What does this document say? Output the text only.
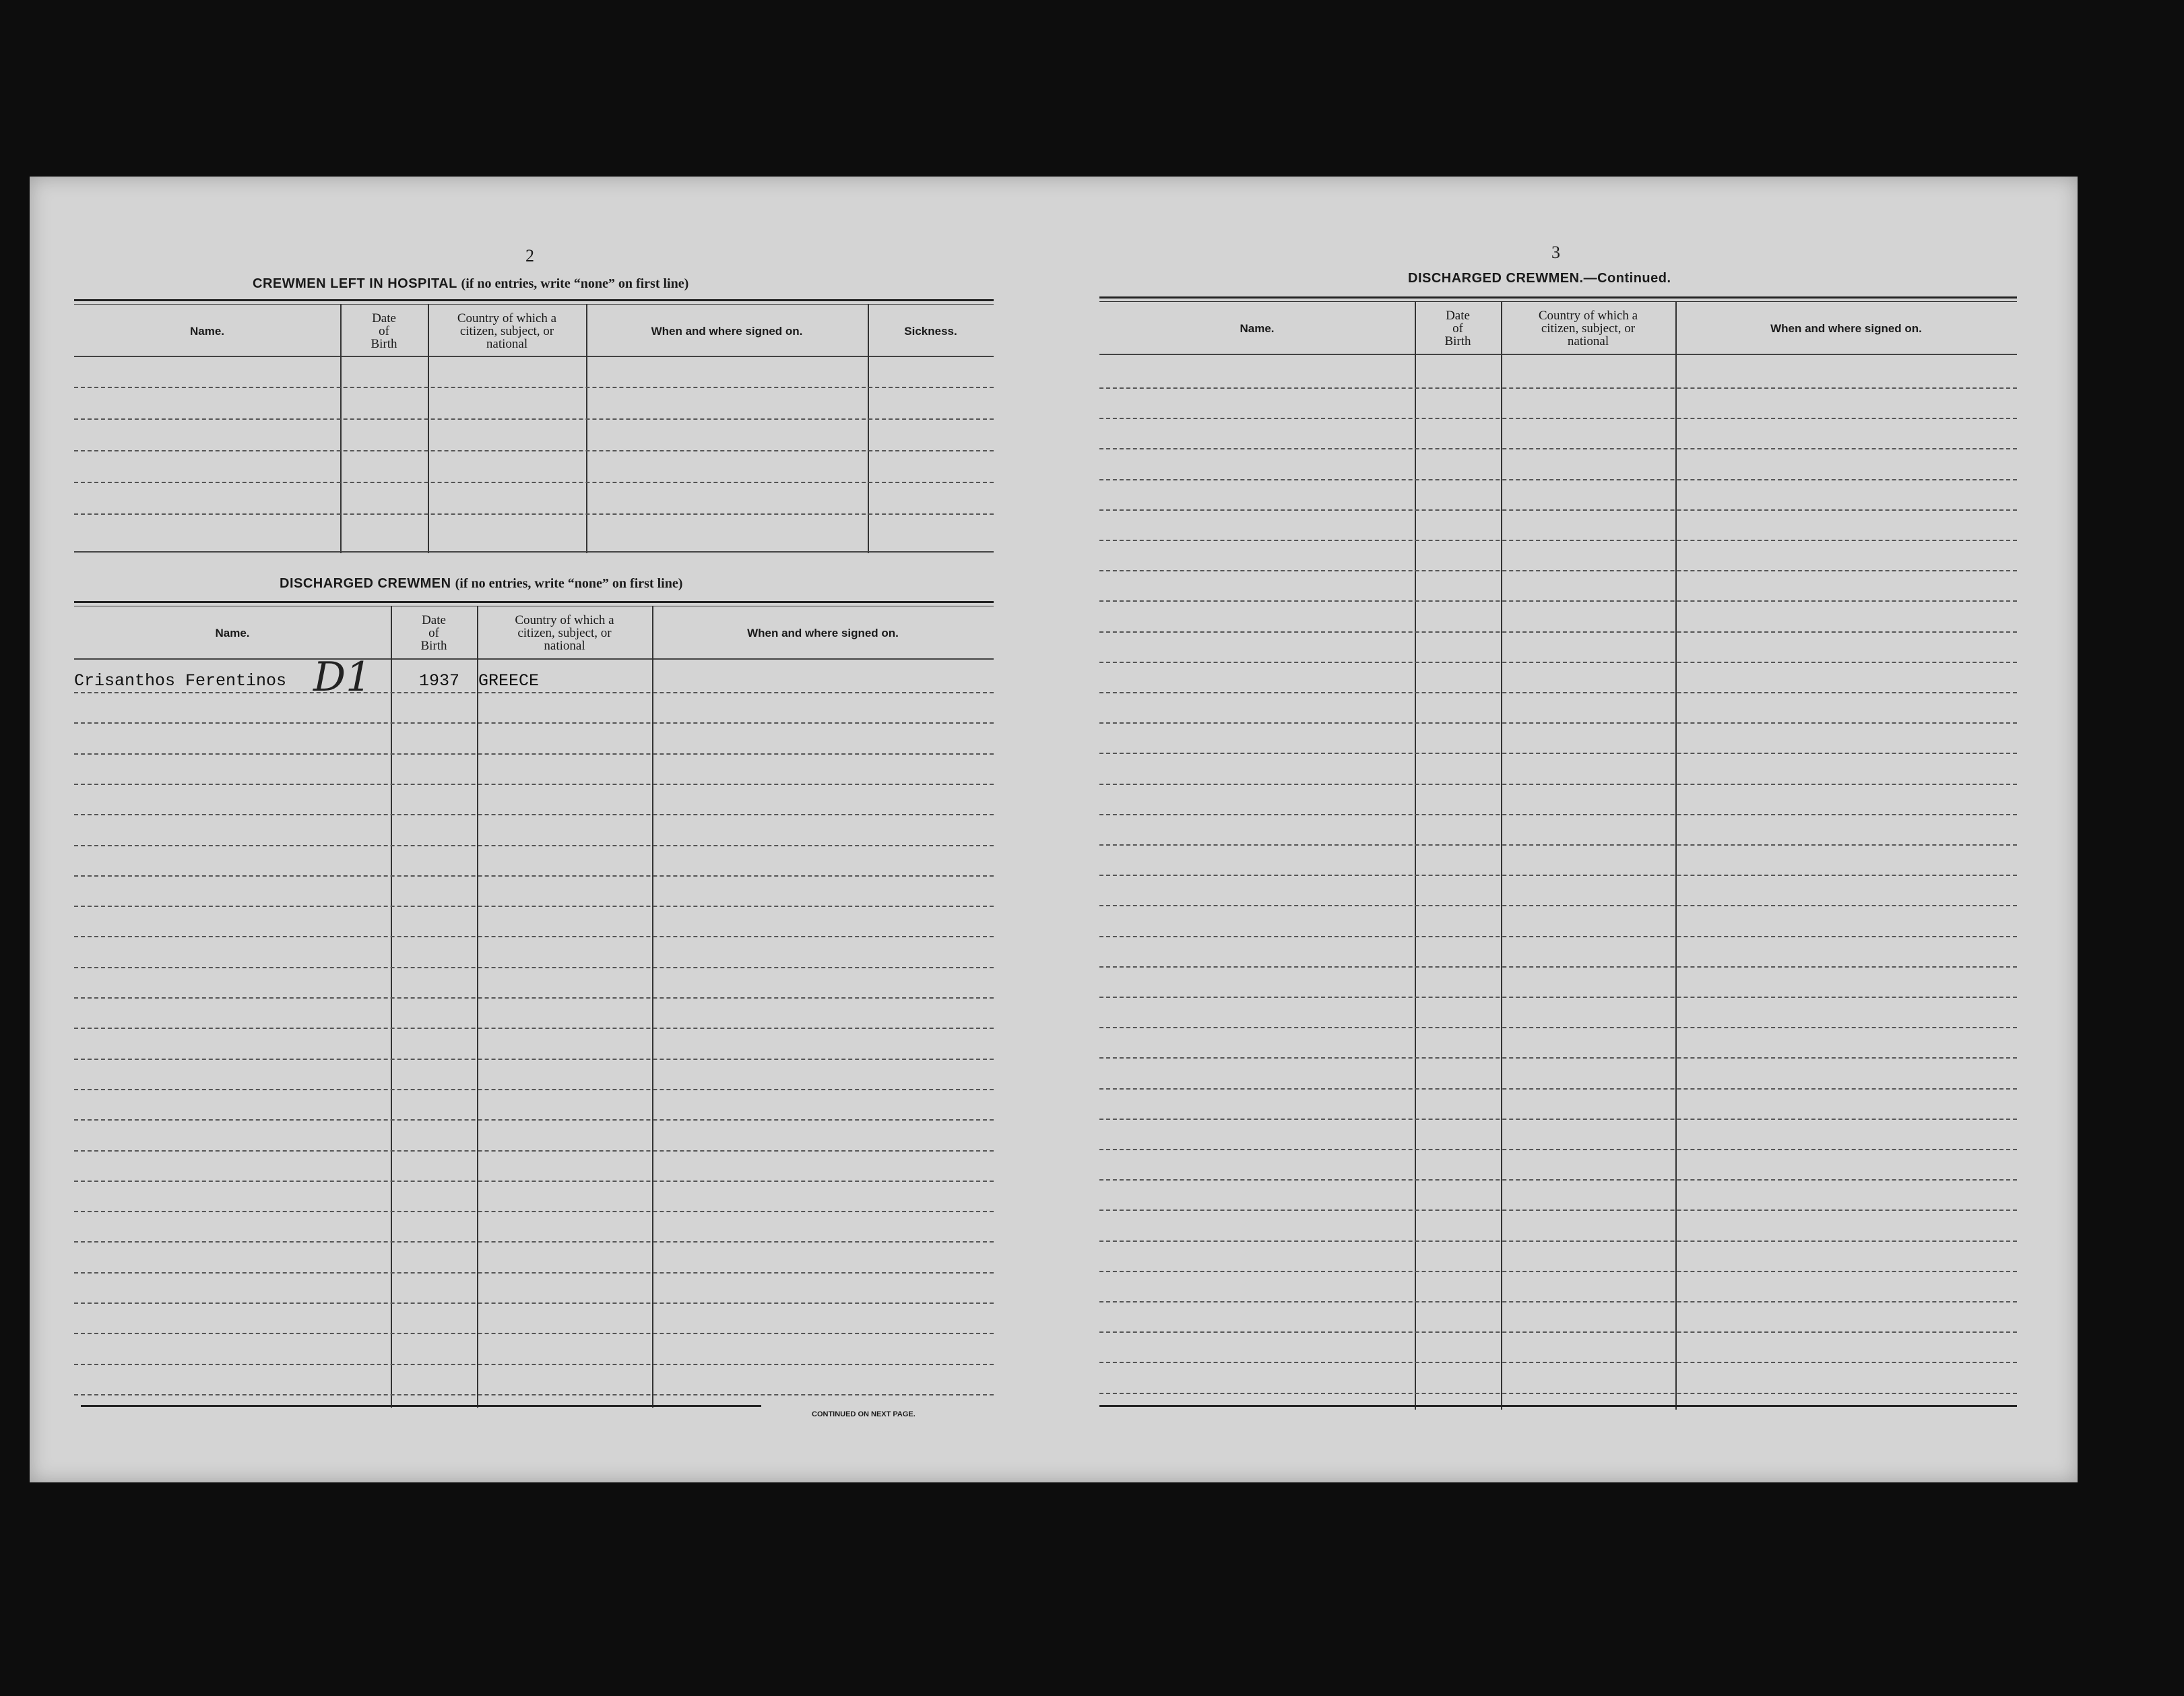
2
CREWMEN LEFT IN HOSPITAL (if no entries, write “none” on first line)
Name.
Date
of
Birth
Country of which a
citizen, subject, or
national
When and where signed on.	Sickness.
DISCHARGED CREWMEN (if no entries, write “none” on first line)
Name.
Date
of
Birth
Country of which a
citizen, subject, or
national
When and where signed on.
Crisanthos Ferentinos	1937 GREECE
D1
CONTINUED ON NEXT PAGE.
3
DISCHARGED CREWMEN.—Continued.
Name.
Date
of
Birth
Country of which a
citizen, subject, or
national
When and where signed on.
